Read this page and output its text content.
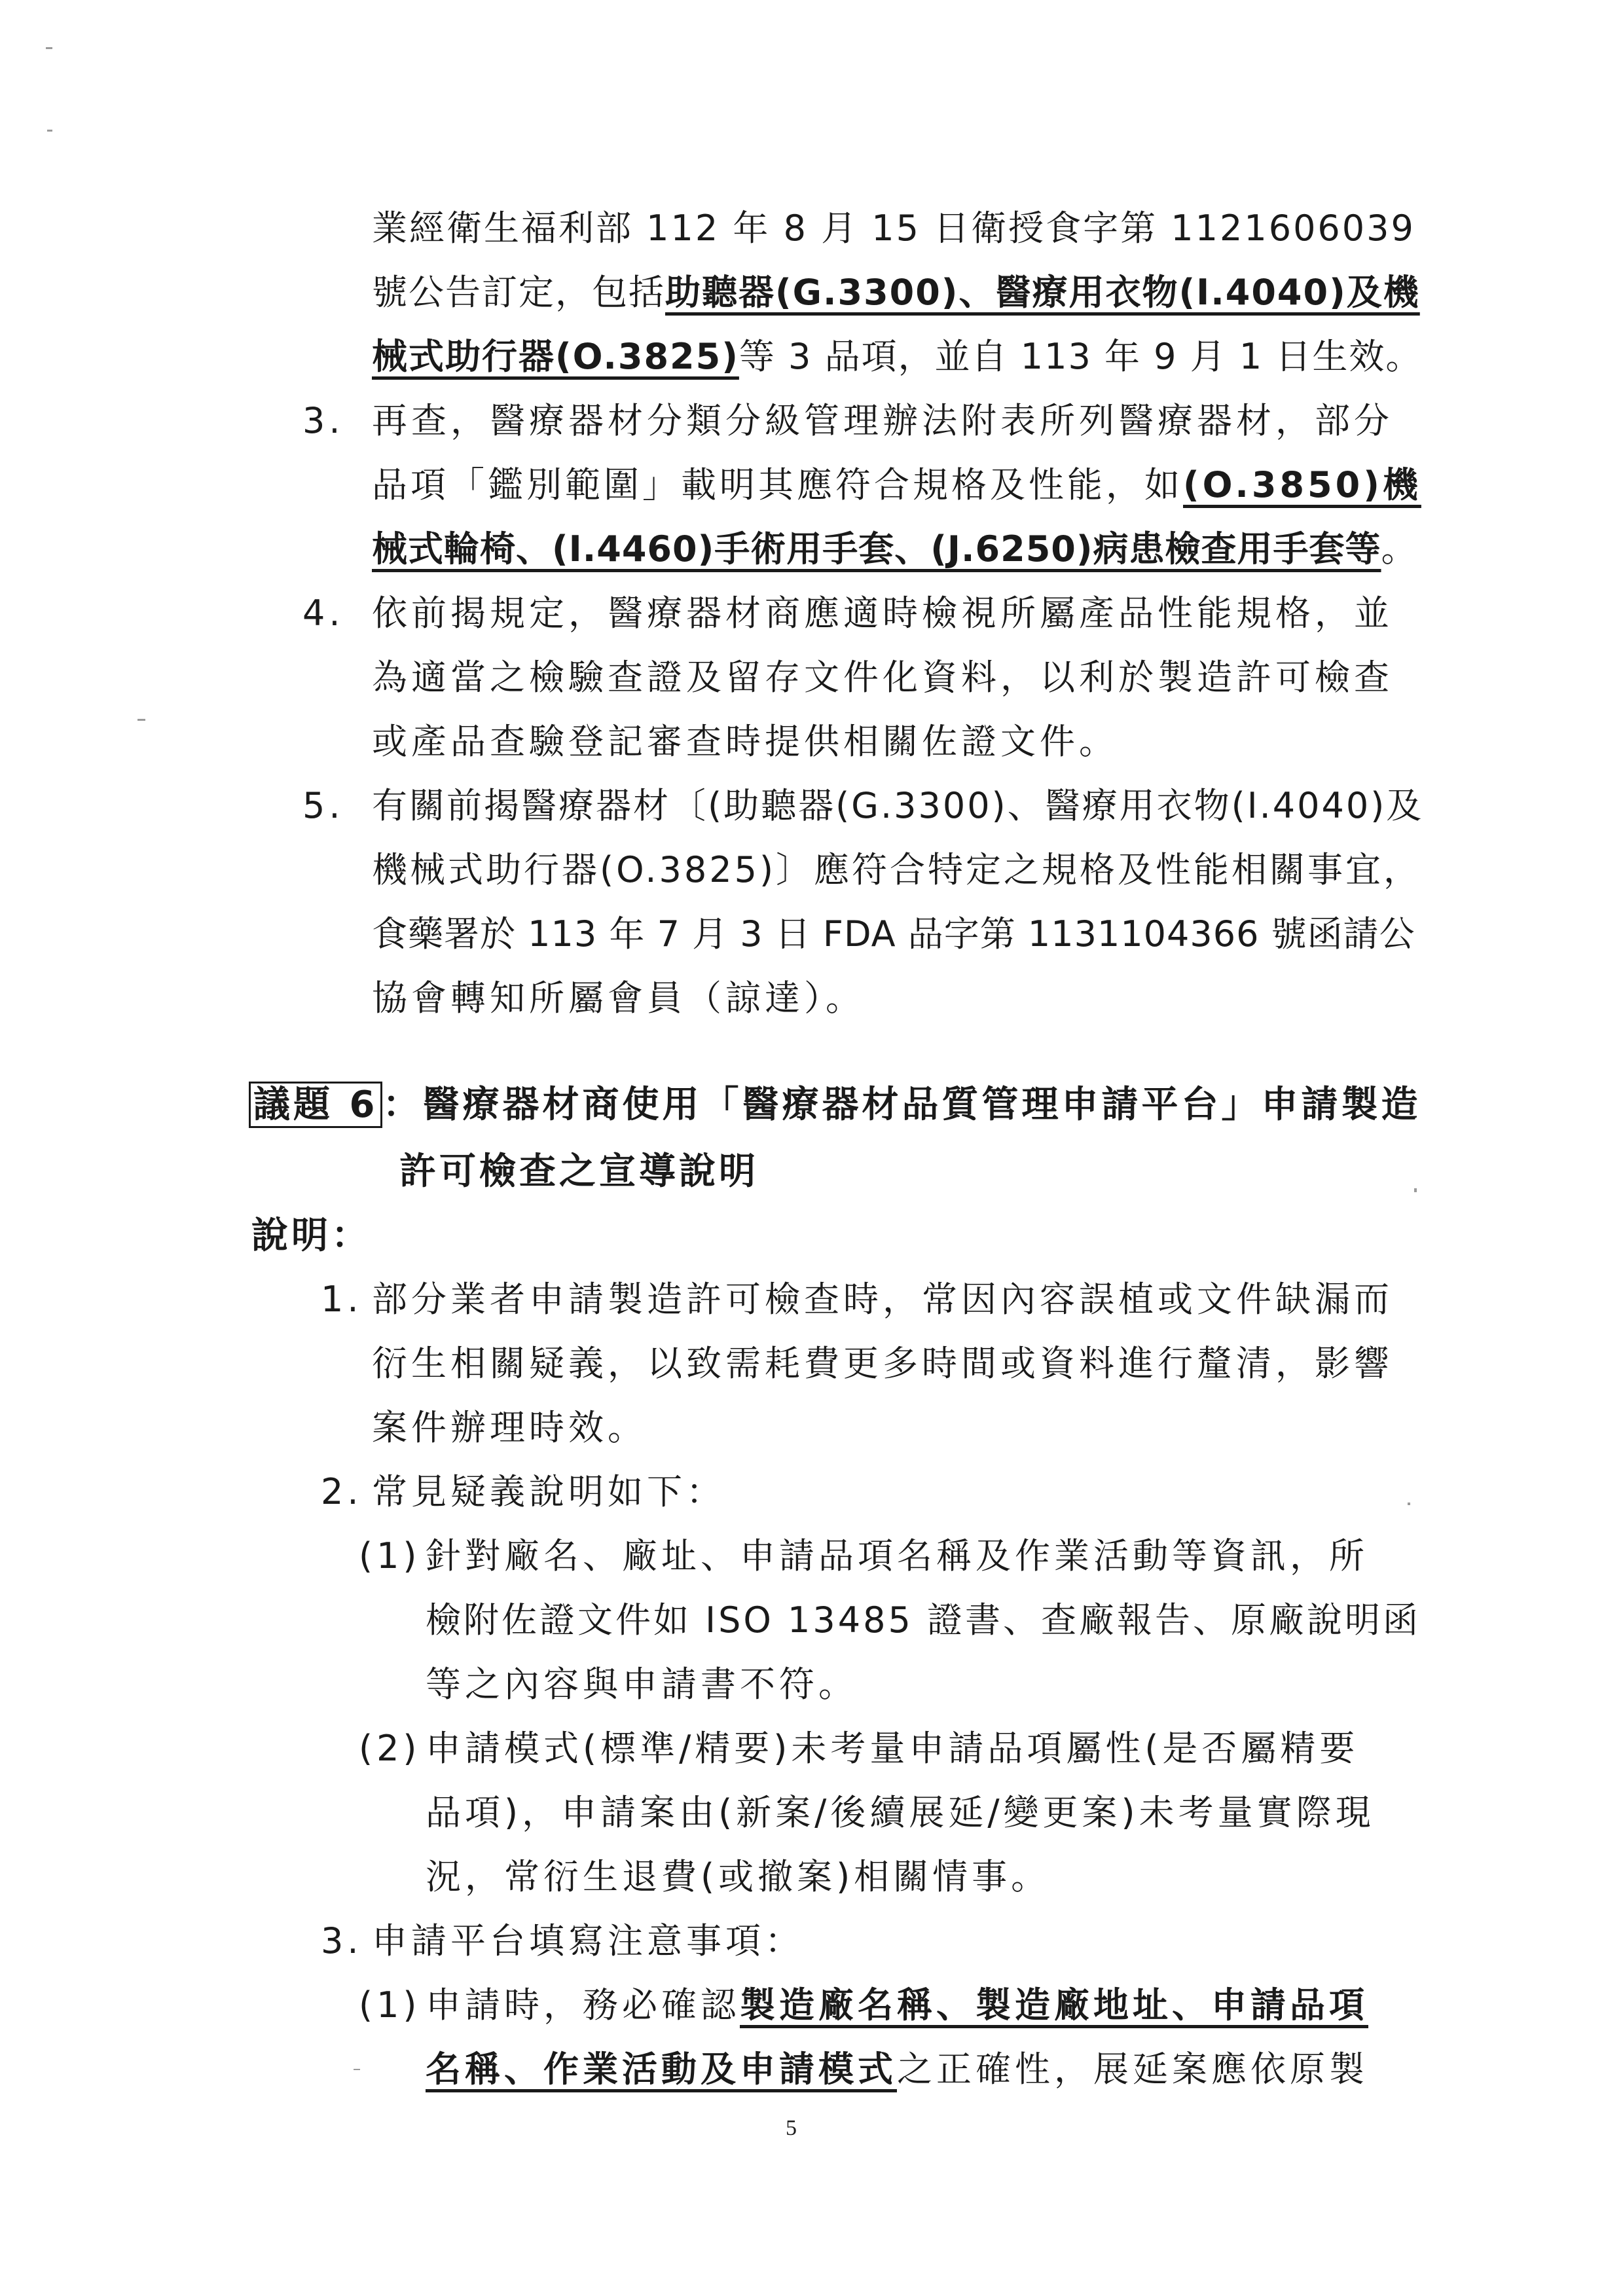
業經衛生福利部 112 年 8 月 15 日衛授食字第 1121606039
號公告訂定，包括助聽器(G.3300)、醫療用衣物(I.4040)及機
械式助行器(O.3825)等 3 品項，並自 113 年 9 月 1 日生效。
3. 再查，醫療器材分類分級管理辦法附表所列醫療器材，部分
品項「鑑別範圍」載明其應符合規格及性能，如(O.3850)機
械式輪椅、(I.4460)手術用手套、(J.6250)病患檢查用手套等。
4. 依前揭規定，醫療器材商應適時檢視所屬產品性能規格，並
為適當之檢驗查證及留存文件化資料，以利於製造許可檢查
或產品查驗登記審查時提供相關佐證文件。
5. 有關前揭醫療器材〔(助聽器(G.3300)、醫療用衣物(I.4040)及
機械式助行器(O.3825)〕應符合特定之規格及性能相關事宜，
食藥署於 113 年 7 月 3 日 FDA 品字第 1131104366 號函請公
協會轉知所屬會員（諒達）。
議題 6 ：醫療器材商使用「醫療器材品質管理申請平台」申請製造
許可檢查之宣導說明
說明：
1. 部分業者申請製造許可檢查時，常因內容誤植或文件缺漏而
衍生相關疑義，以致需耗費更多時間或資料進行釐清，影響
案件辦理時效。
2. 常見疑義說明如下：
(1) 針對廠名、廠址、申請品項名稱及作業活動等資訊，所
檢附佐證文件如 ISO 13485 證書、查廠報告、原廠說明函
等之內容與申請書不符。
(2) 申請模式(標準/精要)未考量申請品項屬性(是否屬精要
品項)，申請案由(新案/後續展延/變更案)未考量實際現
況，常衍生退費(或撤案)相關情事。
3. 申請平台填寫注意事項：
(1) 申請時，務必確認製造廠名稱、製造廠地址、申請品項
名稱、作業活動及申請模式之正確性，展延案應依原製
5
